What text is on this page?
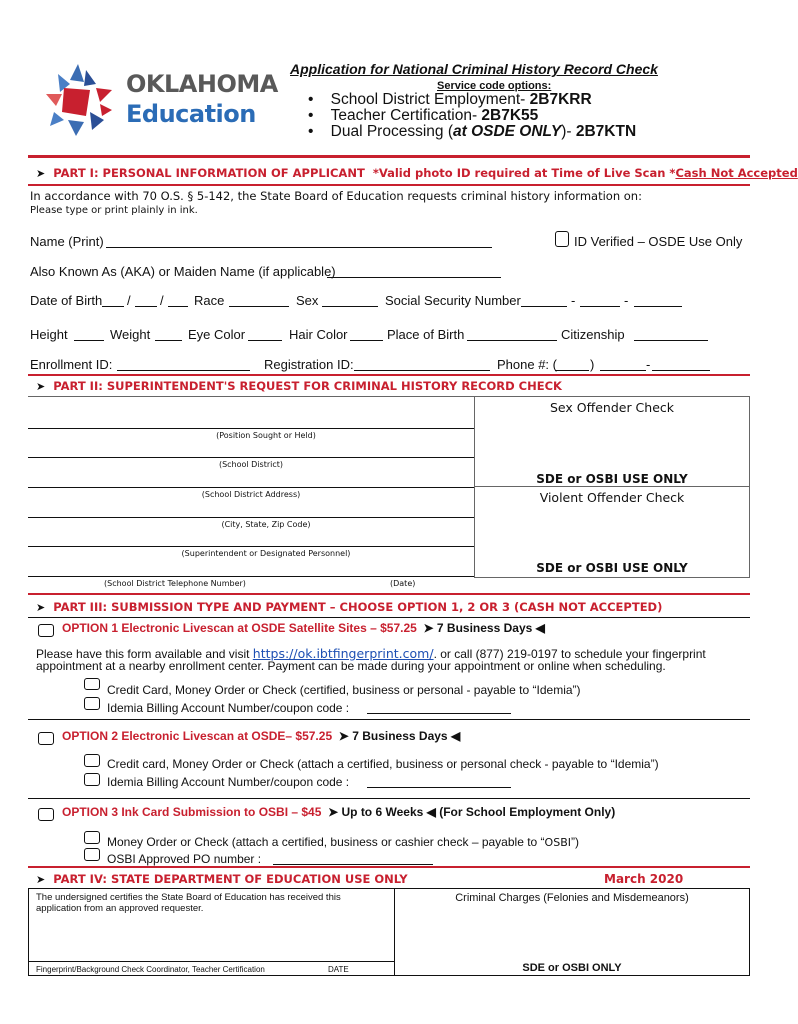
OKLAHOMA
Education
Application for National Criminal History Record Check
Service code options:
•    School District Employment- 2B7KRR
•    Teacher Certification- 2B7K55
•    Dual Processing (at OSDE ONLY)- 2B7KTN
➤ PART I: PERSONAL INFORMATION OF APPLICANT *Valid photo ID required at Time of Live Scan *Cash Not Accepted
In accordance with 70 O.S. § 5-142, the State Board of Education requests criminal history information on:
Please type or print plainly in ink.
Name (Print)	ID Verified – OSDE Use Only
Also Known As (AKA) or Maiden Name (if applicable)
Date of Birth / / Race	Sex	Social Security Number	-	-
Height	Weight	Eye Color	Hair Color	Place of Birth	Citizenship
Enrollment ID:	Registration ID:	Phone #: (	)	-
➤ PART II: SUPERINTENDENT'S REQUEST FOR CRIMINAL HISTORY RECORD CHECK
(Position Sought or Held)
(School District)
(School District Address)
(City, State, Zip Code)
(Superintendent or Designated Personnel)
(School District Telephone Number)	(Date)
Sex Offender Check
SDE or OSBI USE ONLY
Violent Offender Check
SDE or OSBI USE ONLY
➤ PART III: SUBMISSION TYPE AND PAYMENT – CHOOSE OPTION 1, 2 OR 3 (CASH NOT ACCEPTED)
OPTION 1 Electronic Livescan at OSDE Satellite Sites – $57.25 ➤ 7 Business Days ◀
Please have this form available and visit https://ok.ibtfingerprint.com/. or call (877) 219-0197 to schedule your fingerprint
appointment at a nearby enrollment center. Payment can be made during your appointment or online when scheduling.
Credit Card, Money Order or Check (certified, business or personal - payable to “Idemia”)
Idemia Billing Account Number/coupon code :
OPTION 2 Electronic Livescan at OSDE– $57.25 ➤ 7 Business Days ◀
Credit card, Money Order or Check (attach a certified, business or personal check - payable to “Idemia”)
Idemia Billing Account Number/coupon code :
OPTION 3 Ink Card Submission to OSBI – $45 ➤ Up to 6 Weeks ◀ (For School Employment Only)
Money Order or Check (attach a certified, business or cashier check – payable to “OSBI”)
OSBI Approved PO number :
➤ PART IV: STATE DEPARTMENT OF EDUCATION USE ONLY	March 2020
The undersigned certifies the State Board of Education has received this application from an approved requester.
Fingerprint/Background Check Coordinator, Teacher Certification	DATE
Criminal Charges (Felonies and Misdemeanors)
SDE or OSBI ONLY
